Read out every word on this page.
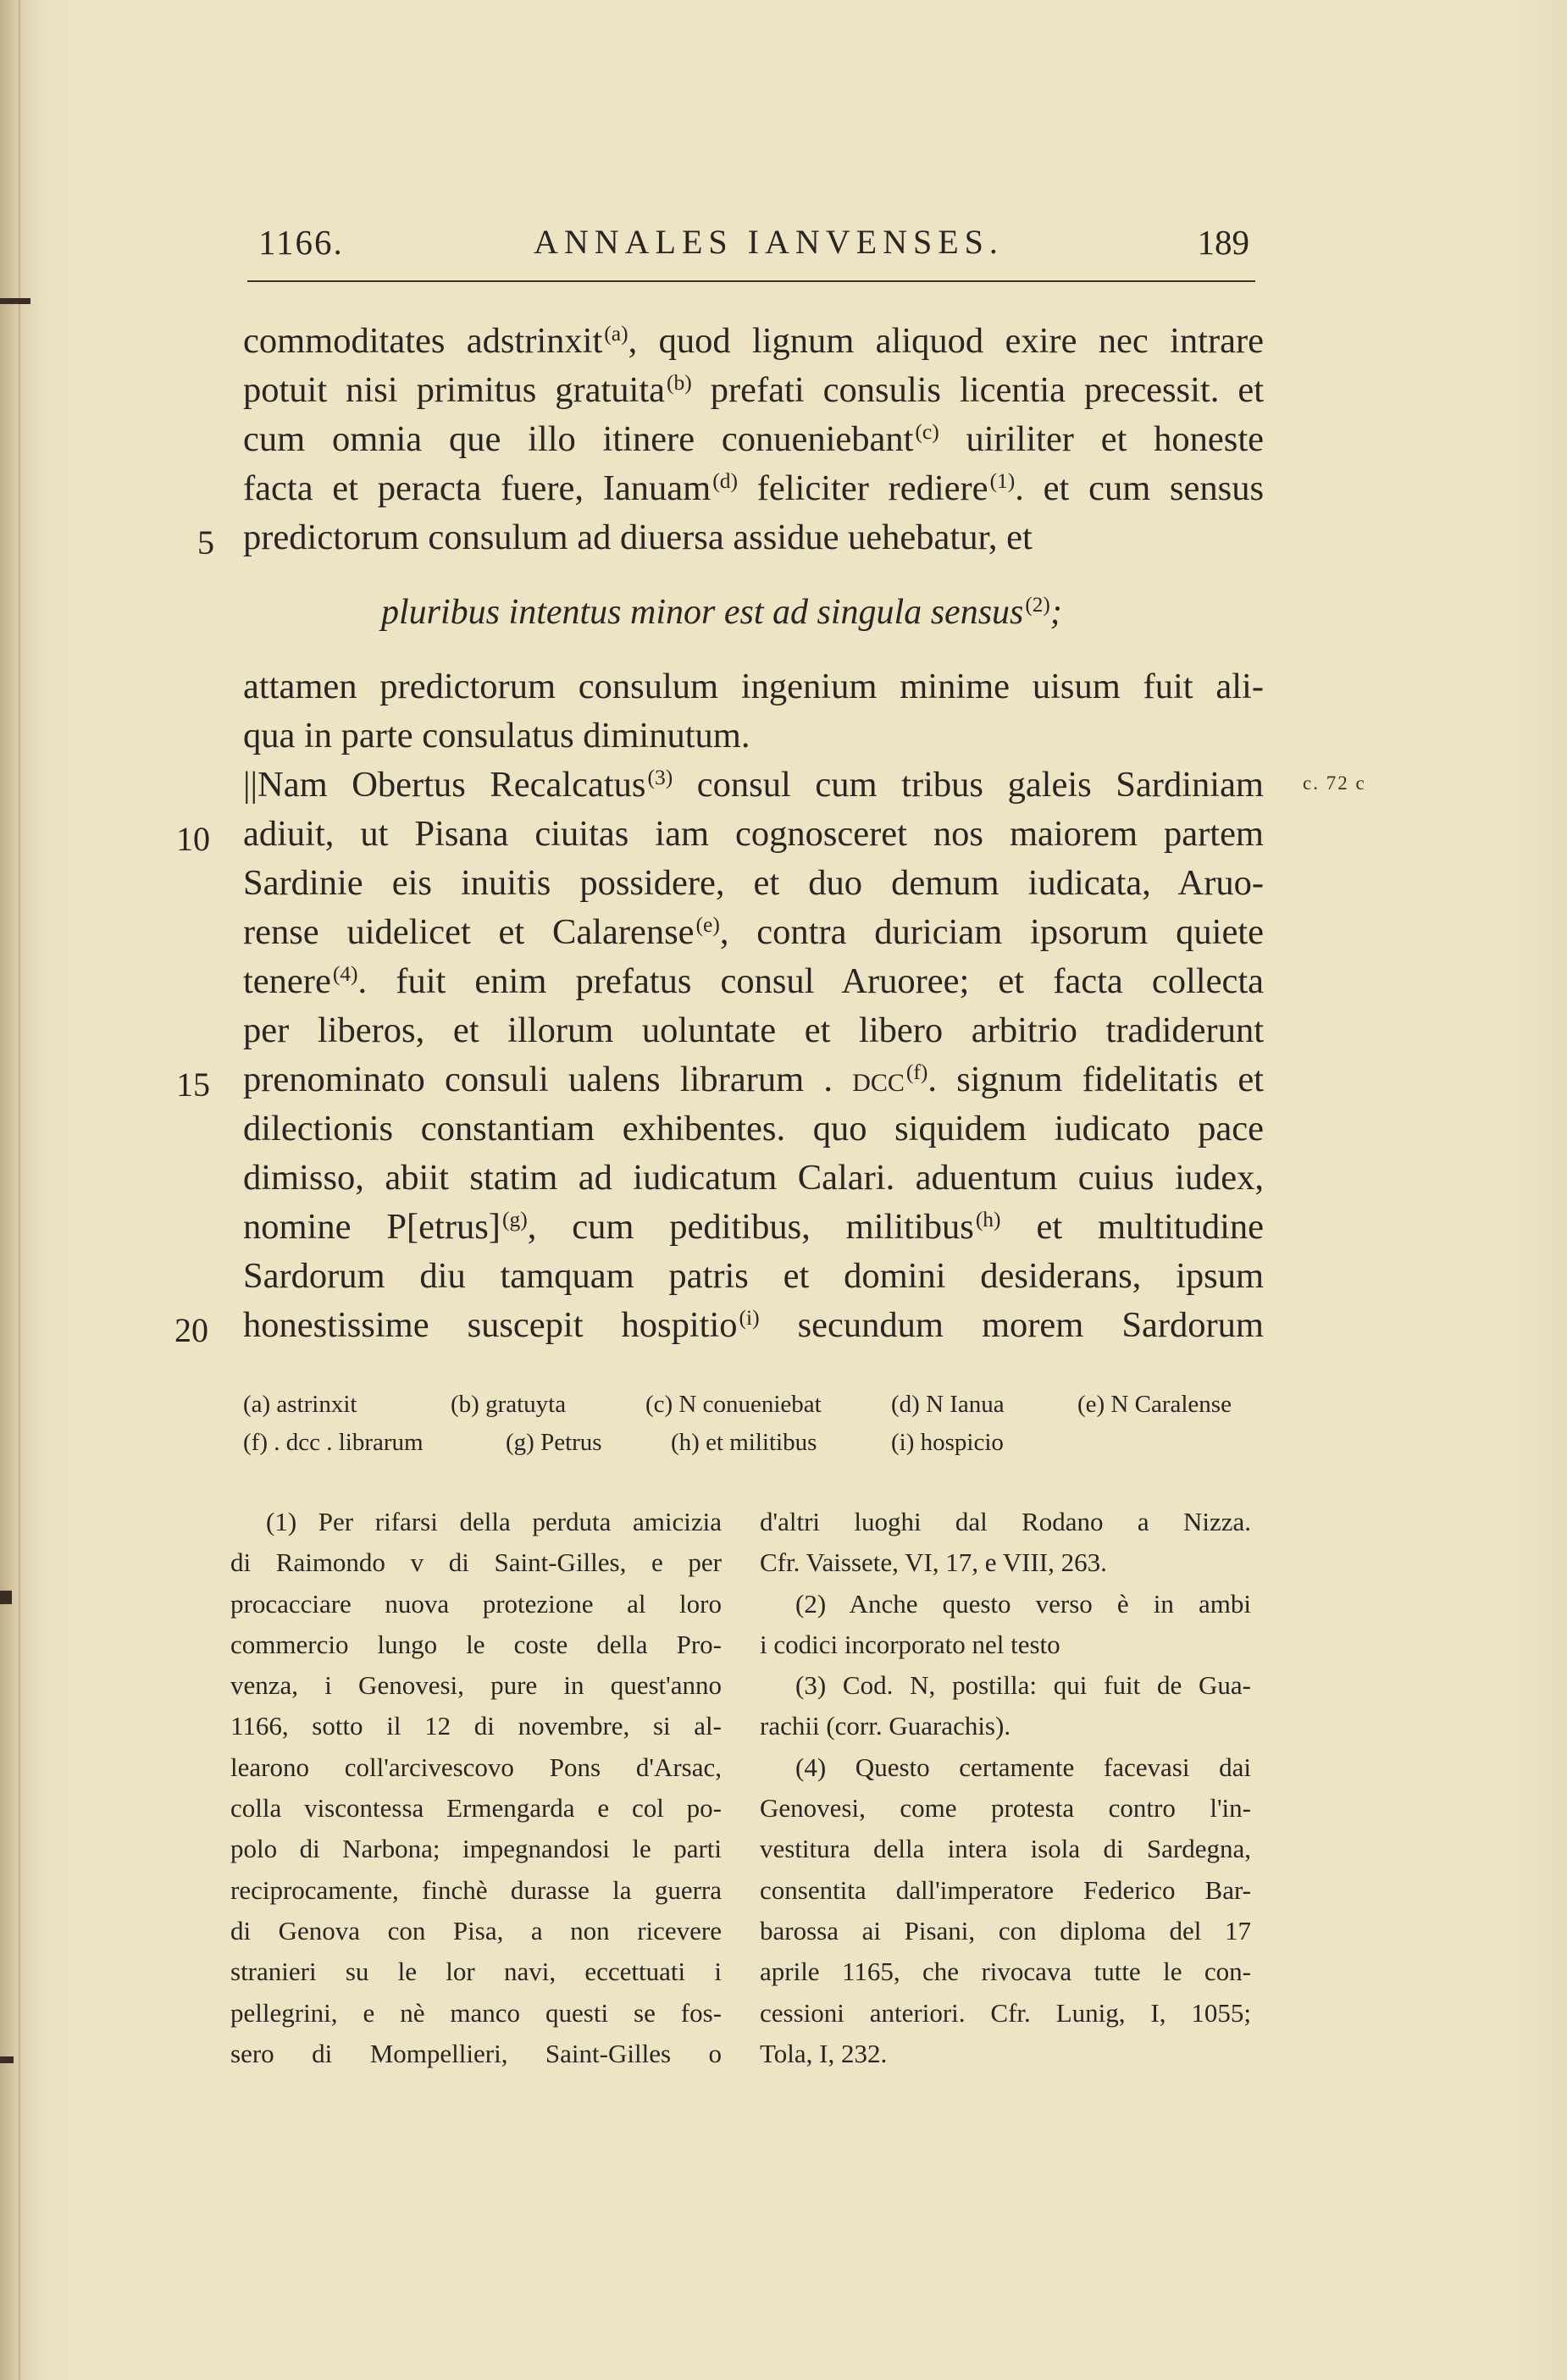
1166.	ANNALES IANVENSES.	189
commoditates adstrinxit$^{(a)}$, quod lignum aliquod exire nec intrare
potuit nisi primitus gratuita$^{(b)}$ prefati consulis licentia precessit. et
cum omnia que illo itinere conueniebant$^{(c)}$ uiriliter et honeste
facta et peracta fuere, Ianuam$^{(d)}$ feliciter rediere$^{(1)}$. et cum sensus
predictorum consulum ad diuersa assidue uehebatur, et
5
pluribus intentus minor est ad singula sensus$^{(2)}$;
attamen predictorum consulum ingenium minime uisum fuit ali-
qua in parte consulatus diminutum.
||Nam Obertus Recalcatus$^{(3)}$ consul cum tribus galeis Sardiniam c. 72 c
adiuit, ut Pisana ciuitas iam cognosceret nos maiorem partem
10
Sardinie eis inuitis possidere, et duo demum iudicata, Aruo-
rense uidelicet et Calarense$^{(e)}$, contra duriciam ipsorum quiete
tenere$^{(4)}$. fuit enim prefatus consul Aruoree; et facta collecta
per liberos, et illorum uoluntate et libero arbitrio tradiderunt
prenominato consuli ualens librarum . dcc$^{(f)}$. signum fidelitatis et
15
dilectionis constantiam exhibentes. quo siquidem iudicato pace
dimisso, abiit statim ad iudicatum Calari. aduentum cuius iudex,
nomine P[etrus]$^{(g)}$, cum peditibus, militibus$^{(h)}$ et multitudine
Sardorum diu tamquam patris et domini desiderans, ipsum
honestissime suscepit hospitio$^{(i)}$ secundum morem Sardorum
20
(a) astrinxit	(b) gratuyta	(c) N conueniebat	(d) N Ianua	(e) N Caralense
(f) . dcc . librarum	(g) Petrus	(h) et militibus	(i) hospicio
(1) Per rifarsi della perduta amicizia
di Raimondo v di Saint-Gilles, e per
procacciare nuova protezione al loro
commercio lungo le coste della Pro-
venza, i Genovesi, pure in quest'anno
1166, sotto il 12 di novembre, si al-
learono coll'arcivescovo Pons d'Arsac,
colla viscontessa Ermengarda e col po-
polo di Narbona; impegnandosi le parti
reciprocamente, finchè durasse la guerra
di Genova con Pisa, a non ricevere
stranieri su le lor navi, eccettuati i
pellegrini, e nè manco questi se fos-
sero di Mompellieri, Saint-Gilles o
d'altri luoghi dal Rodano a Nizza.
Cfr. Vaissete, VI, 17, e VIII, 263.
(2) Anche questo verso è in ambi
i codici incorporato nel testo
(3) Cod. N, postilla: qui fuit de Gua-
rachii (corr. Guarachis).
(4) Questo certamente facevasi dai
Genovesi, come protesta contro l'in-
vestitura della intera isola di Sardegna,
consentita dall'imperatore Federico Bar-
barossa ai Pisani, con diploma del 17
aprile 1165, che rivocava tutte le con-
cessioni anteriori. Cfr. Lunig, I, 1055;
Tola, I, 232.
